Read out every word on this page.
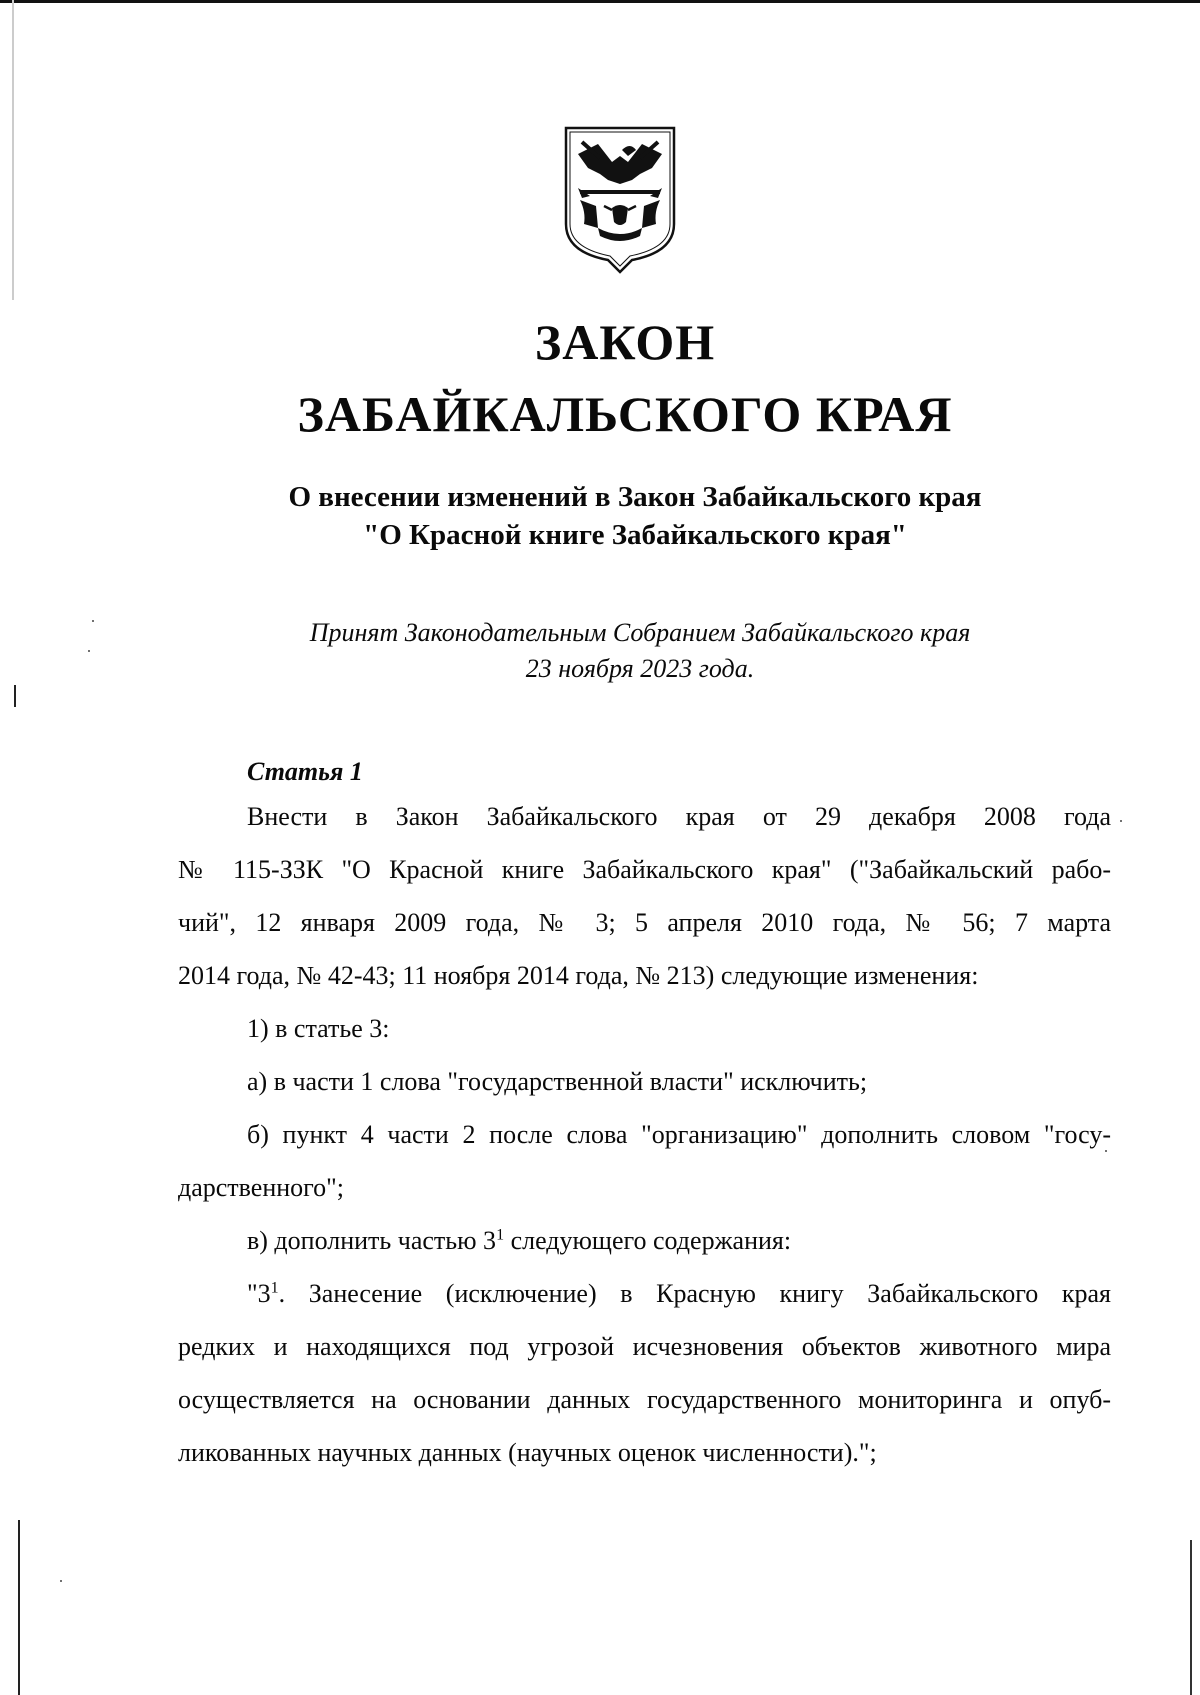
ЗАКОН
ЗАБАЙКАЛЬСКОГО КРАЯ
О внесении изменений в Закон Забайкальского края
"О Красной книге Забайкальского края"
Принят Законодательным Собранием Забайкальского края
23 ноября 2023 года.
Статья 1
Внести в Закон Забайкальского края от 29 декабря 2008 года
№ 115-ЗЗК "О Красной книге Забайкальского края" ("Забайкальский рабо-
чий", 12 января 2009 года, № 3; 5 апреля 2010 года, № 56; 7 марта
2014 года, № 42-43; 11 ноября 2014 года, № 213) следующие изменения:
1) в статье 3:
а) в части 1 слова "государственной власти" исключить;
б) пункт 4 части 2 после слова "организацию" дополнить словом "госу-
дарственного";
в) дополнить частью $3^1$ следующего содержания:
"$3^1$. Занесение (исключение) в Красную книгу Забайкальского края
редких и находящихся под угрозой исчезновения объектов животного мира
осуществляется на основании данных государственного мониторинга и опуб-
ликованных научных данных (научных оценок численности).";
